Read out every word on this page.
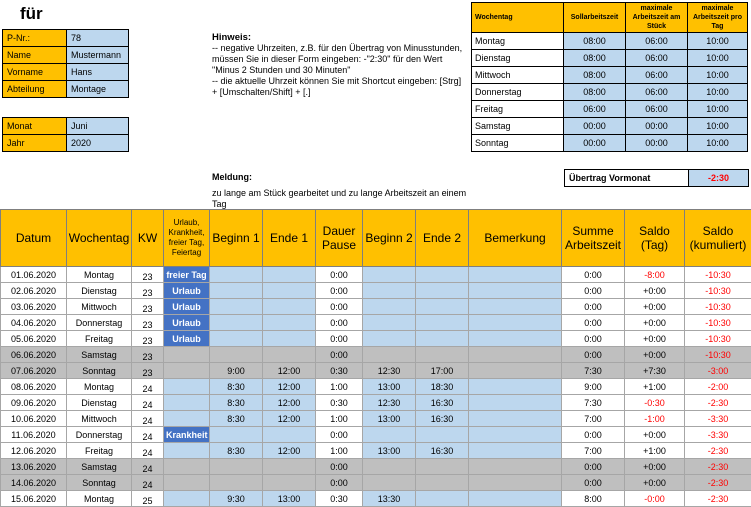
für
P-Nr.:	78
Name	Mustermann
Vorname	Hans
Abteilung	Montage
Monat	Juni
Jahr	2020
Hinweis:
-- negative Uhrzeiten, z.B. für den Übertrag von Minusstunden, müssen Sie in dieser Form eingeben: -"2:30" für den Wert "Minus 2 Stunden und 30 Minuten"
-- die aktuelle Uhrzeit können Sie mit Shortcut eingeben: [Strg] + [Umschalten/Shift] + [.]
Wochentag	Sollarbeitszeit	maximale Arbeitszeit am Stück	maximale Arbeitszeit pro Tag
Montag	08:00	06:00	10:00
Dienstag	08:00	06:00	10:00
Mittwoch	08:00	06:00	10:00
Donnerstag	08:00	06:00	10:00
Freitag	06:00	06:00	10:00
Samstag	00:00	00:00	10:00
Sonntag	00:00	00:00	10:00
Meldung:
zu lange am Stück gearbeitet und zu lange Arbeitszeit an einem Tag
Übertrag Vormonat	-2:30
Datum	Wochentag	KW	Urlaub, Krankheit, freier Tag, Feiertag	Beginn 1	Ende 1	Dauer Pause	Beginn 2	Ende 2	Bemerkung	Summe Arbeitszeit	Saldo (Tag)	Saldo (kumuliert)
01.06.2020	Montag	23	freier Tag			0:00				0:00	-8:00	-10:30
02.06.2020	Dienstag	23	Urlaub			0:00				0:00	+0:00	-10:30
03.06.2020	Mittwoch	23	Urlaub			0:00				0:00	+0:00	-10:30
04.06.2020	Donnerstag	23	Urlaub			0:00				0:00	+0:00	-10:30
05.06.2020	Freitag	23	Urlaub			0:00				0:00	+0:00	-10:30
06.06.2020	Samstag	23				0:00				0:00	+0:00	-10:30
07.06.2020	Sonntag	23		9:00	12:00	0:30	12:30	17:00		7:30	+7:30	-3:00
08.06.2020	Montag	24		8:30	12:00	1:00	13:00	18:30		9:00	+1:00	-2:00
09.06.2020	Dienstag	24		8:30	12:00	0:30	12:30	16:30		7:30	-0:30	-2:30
10.06.2020	Mittwoch	24		8:30	12:00	1:00	13:00	16:30		7:00	-1:00	-3:30
11.06.2020	Donnerstag	24	Krankheit			0:00				0:00	+0:00	-3:30
12.06.2020	Freitag	24		8:30	12:00	1:00	13:00	16:30		7:00	+1:00	-2:30
13.06.2020	Samstag	24				0:00				0:00	+0:00	-2:30
14.06.2020	Sonntag	24				0:00				0:00	+0:00	-2:30
15.06.2020	Montag	25		9:30	13:00	0:30	13:30			8:00	-0:00	-2:30
